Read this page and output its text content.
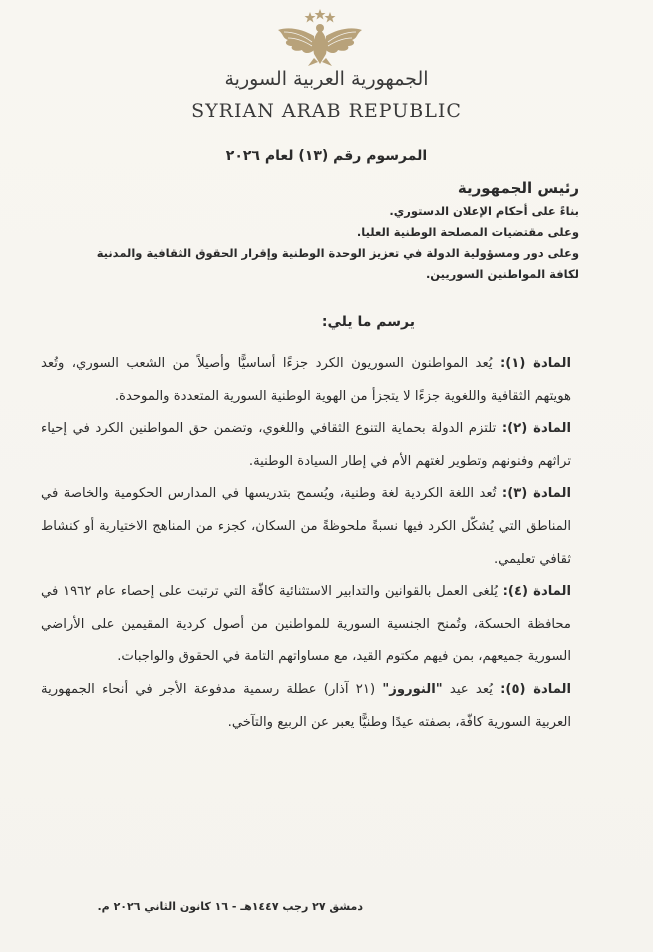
الجمهورية العربية السورية
SYRIAN ARAB REPUBLIC
المرسوم رقم (١٣) لعام ٢٠٢٦
رئيس الجمهورية
بناءً على أحكام الإعلان الدستوري.
وعلى مقتضيات المصلحة الوطنية العليا.
وعلى دور ومسؤولية الدولة في تعزيز الوحدة الوطنية وإقرار الحقوق الثقافية والمدنية لكافة المواطنين السوريين.
يرسم ما يلي:

المادة (١): يُعد المواطنون السوريون الكرد جزءًا أساسيًّا وأصيلاً من الشعب السوري، وتُعد هويتهم الثقافية واللغوية جزءًا لا يتجزأ من الهوية الوطنية السورية المتعددة والموحدة.

المادة (٢): تلتزم الدولة بحماية التنوع الثقافي واللغوي، وتضمن حق المواطنين الكرد في إحياء تراثهم وفنونهم وتطوير لغتهم الأم في إطار السيادة الوطنية.

المادة (٣): تُعد اللغة الكردية لغة وطنية، ويُسمح بتدريسها في المدارس الحكومية والخاصة في المناطق التي يُشكّل الكرد فيها نسبةً ملحوظةً من السكان، كجزء من المناهج الاختيارية أو كنشاط ثقافي تعليمي.

المادة (٤): يُلغى العمل بالقوانين والتدابير الاستثنائية كافّة التي ترتبت على إحصاء عام ١٩٦٢ في محافظة الحسكة، وتُمنح الجنسية السورية للمواطنين من أصول كردية المقيمين على الأراضي السورية جميعهم، بمن فيهم مكتوم القيد، مع مساواتهم التامة في الحقوق والواجبات.

المادة (٥): يُعد عيد "النوروز" (٢١ آذار) عطلة رسمية مدفوعة الأجر في أنحاء الجمهورية العربية السورية كافّة، بصفته عيدًا وطنيًّا يعبر عن الربيع والتآخي.

دمشق ٢٧ رجب ١٤٤٧هـ - ١٦ كانون الثاني ٢٠٢٦ م.
